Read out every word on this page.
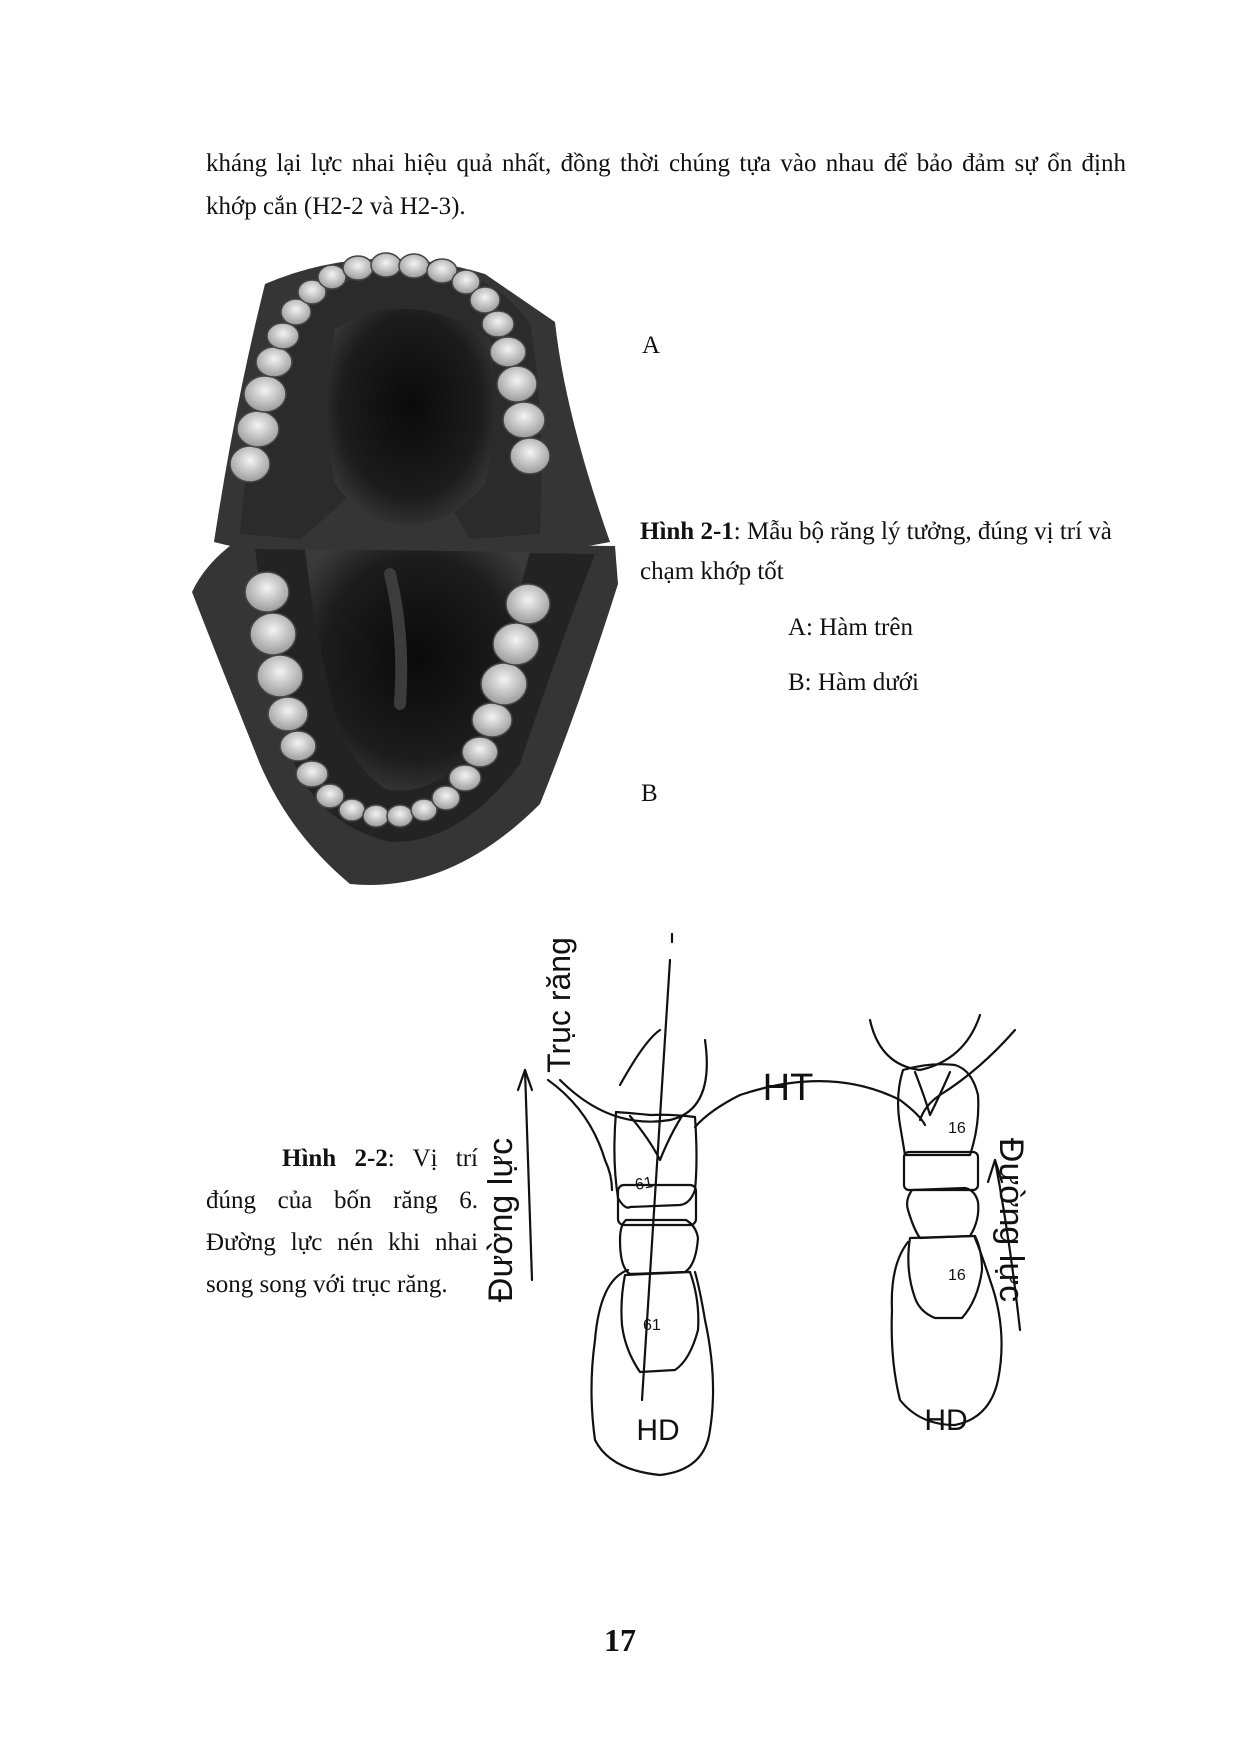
kháng lại lực nhai hiệu quả nhất, đồng thời chúng tựa vào nhau để bảo đảm sự ổn định khớp cắn (H2-2 và H2-3).
A
B
Hình 2-1: Mẫu bộ răng lý tưởng, đúng vị trí và chạm khớp tốt
A: Hàm trên
B: Hàm dưới
Hình 2-2: Vị trí đúng của bốn răng 6. Đường lực nén khi nhai song song với trục răng.
Trục răng
HT
Đường lực
Đường lực
HD	HD
61
61
16
16
17
